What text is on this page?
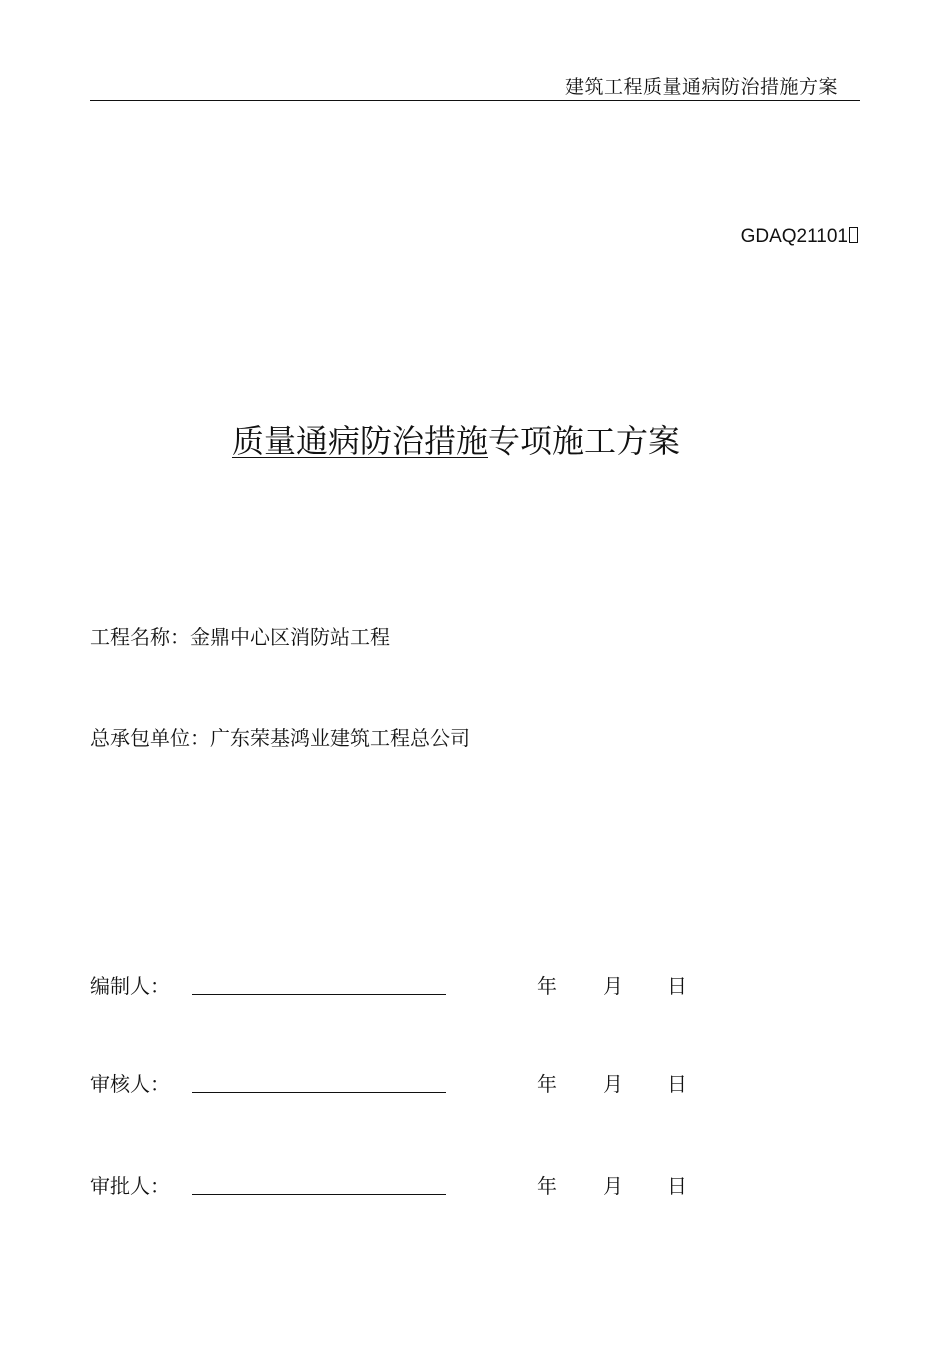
建筑工程质量通病防治措施方案
GDAQ21101
质量通病防治措施专项施工方案
工程名称：金鼎中心区消防站工程
总承包单位：广东荣基鸿业建筑工程总公司
编制人：	年 月 日
审核人：	年 月 日
审批人：	年 月 日
